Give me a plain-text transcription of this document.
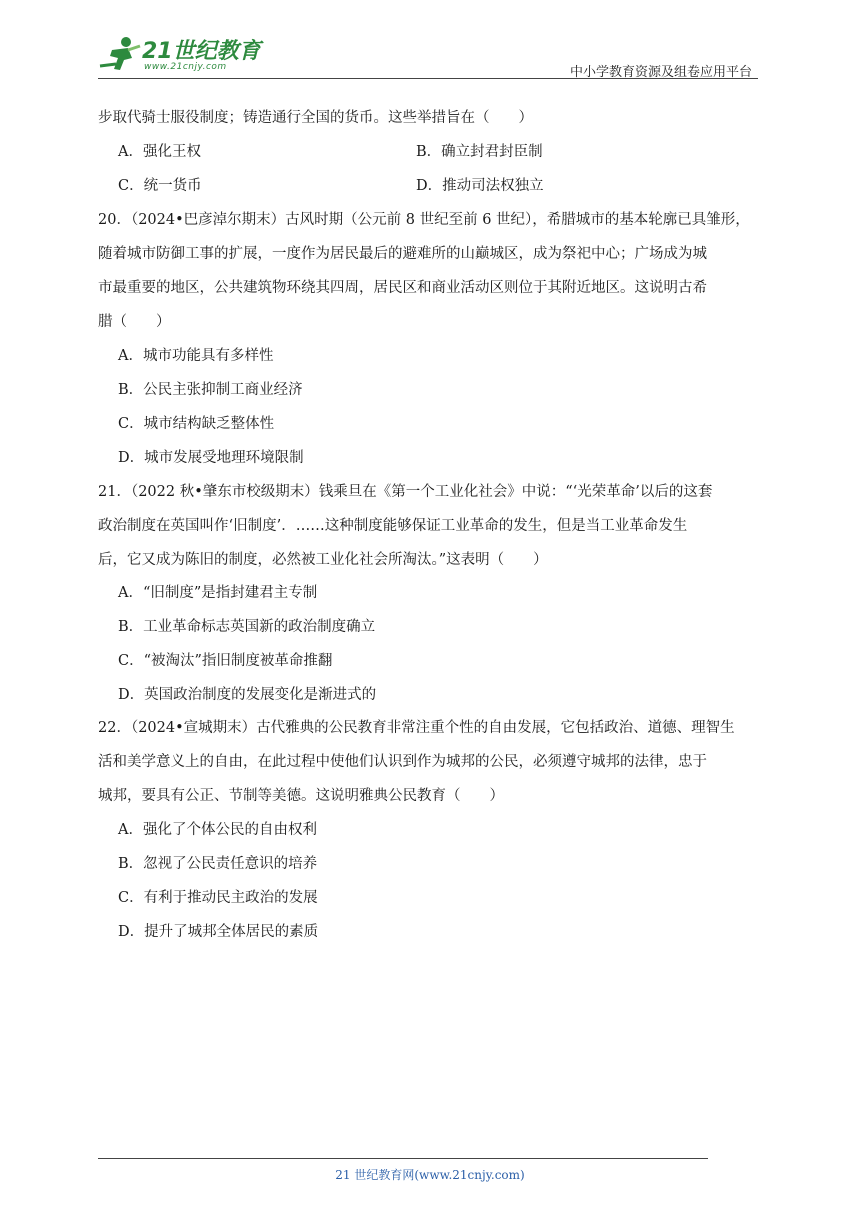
21世纪教育
www.21cnjy.com	中小学教育资源及组卷应用平台
步取代骑士服役制度；铸造通行全国的货币。这些举措旨在（　　）
A．强化王权	B．确立封君封臣制
C．统一货币	D．推动司法权独立
20．（2024•巴彦淖尔期末）古风时期（公元前 8 世纪至前 6 世纪），希腊城市的基本轮廓已具雏形，
随着城市防御工事的扩展，一度作为居民最后的避难所的山巅城区，成为祭祀中心；广场成为城
市最重要的地区，公共建筑物环绕其四周，居民区和商业活动区则位于其附近地区。这说明古希
腊（　　）
A．城市功能具有多样性
B．公民主张抑制工商业经济
C．城市结构缺乏整体性
D．城市发展受地理环境限制
21．（2022 秋•肇东市校级期末）钱乘旦在《第一个工业化社会》中说：“‘光荣革命’以后的这套
政治制度在英国叫作‘旧制度’．……这种制度能够保证工业革命的发生，但是当工业革命发生
后，它又成为陈旧的制度，必然被工业化社会所淘汰。”这表明（　　）
A．“旧制度”是指封建君主专制
B．工业革命标志英国新的政治制度确立
C．“被淘汰”指旧制度被革命推翻
D．英国政治制度的发展变化是渐进式的
22．（2024•宣城期末）古代雅典的公民教育非常注重个性的自由发展，它包括政治、道德、理智生
活和美学意义上的自由，在此过程中使他们认识到作为城邦的公民，必须遵守城邦的法律，忠于
城邦，要具有公正、节制等美德。这说明雅典公民教育（　　）
A．强化了个体公民的自由权利
B．忽视了公民责任意识的培养
C．有利于推动民主政治的发展
D．提升了城邦全体居民的素质
21 世纪教育网(www.21cnjy.com)
